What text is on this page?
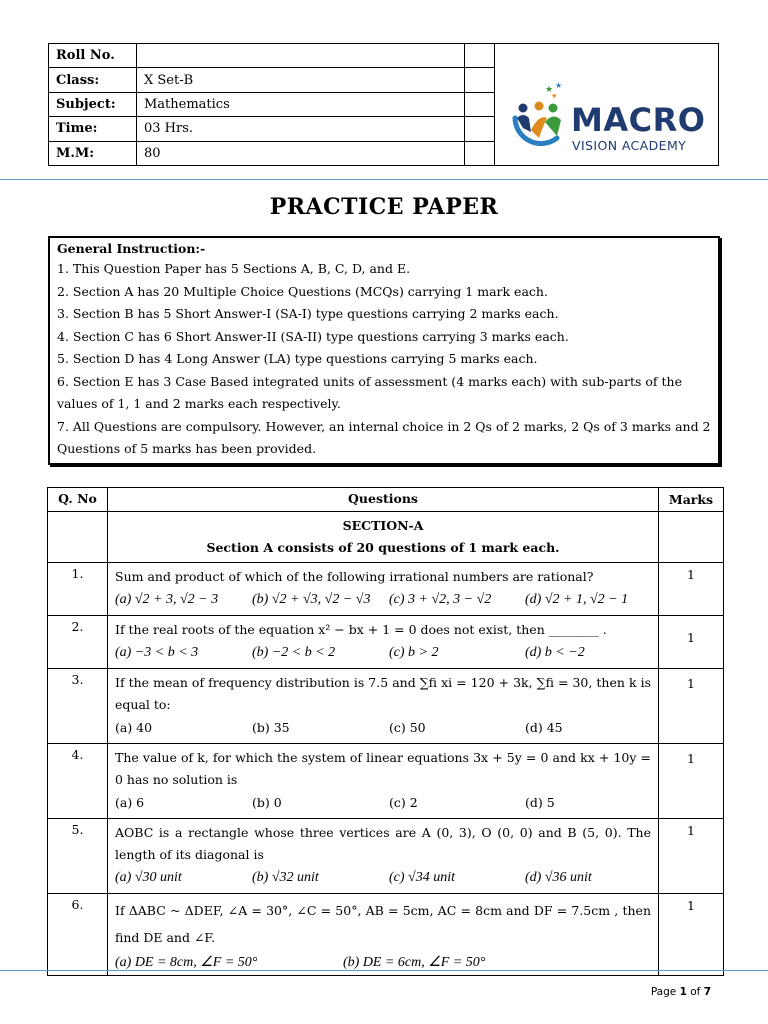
Roll No.			★ ★
★
MACRO
VISION ACADEMY

Class:	X Set-B		
Subject:	Mathematics		
Time:	03 Hrs.		
M.M:	80		
PRACTICE PAPER
General Instruction:-
1. This Question Paper has 5 Sections A, B, C, D, and E.
2. Section A has 20 Multiple Choice Questions (MCQs) carrying 1 mark each.
3. Section B has 5 Short Answer-I (SA-I) type questions carrying 2 marks each.
4. Section C has 6 Short Answer-II (SA-II) type questions carrying 3 marks each.
5. Section D has 4 Long Answer (LA) type questions carrying 5 marks each.
6. Section E has 3 Case Based integrated units of assessment (4 marks each) with sub-parts of the values of 1, 1 and 2 marks each respectively.
7. All Questions are compulsory. However, an internal choice in 2 Qs of 2 marks, 2 Qs of 3 marks and 2 Questions of 5 marks has been provided.
Q. No	Questions	Marks

	SECTION-A
Section A consists of 20 questions of 1 mark each.	

1.	Sum and product of which of the following irrational numbers are rational?
(a) √2 + 3, √2 − 3 (b) √2 + √3, √2 − √3 (c) 3 + √2, 3 − √2 (d) √2 + 1, √2 − 1	1
2.	If the real roots of the equation x² − bx + 1 = 0 does not exist, then ________ .
(a) −3 < b < 3 (b) −2 < b < 2 (c) b > 2 (d) b < −2	1
3.	If the mean of frequency distribution is 7.5 and ∑fi xi = 120 + 3k, ∑fi = 30, then k is equal to:
(a) 40 (b) 35 (c) 50 (d) 45	1
4.	The value of k, for which the system of linear equations 3x + 5y = 0 and kx + 10y = 0 has no solution is
(a) 6 (b) 0 (c) 2 (d) 5	1
5.	AOBC is a rectangle whose three vertices are A (0, 3), O (0, 0) and B (5, 0). The length of its diagonal is
(a) √30 unit (b) √32 unit (c) √34 unit (d) √36 unit	1
6.	If ΔABC ~ ΔDEF, ∠A = 30°, ∠C = 50°, AB = 5cm, AC = 8cm and DF = 7.5cm , then find DE and ∠F.
(a) DE = 8cm, ∠F = 50° (b) DE = 6cm, ∠F = 50°	1
Page 1 of 7
